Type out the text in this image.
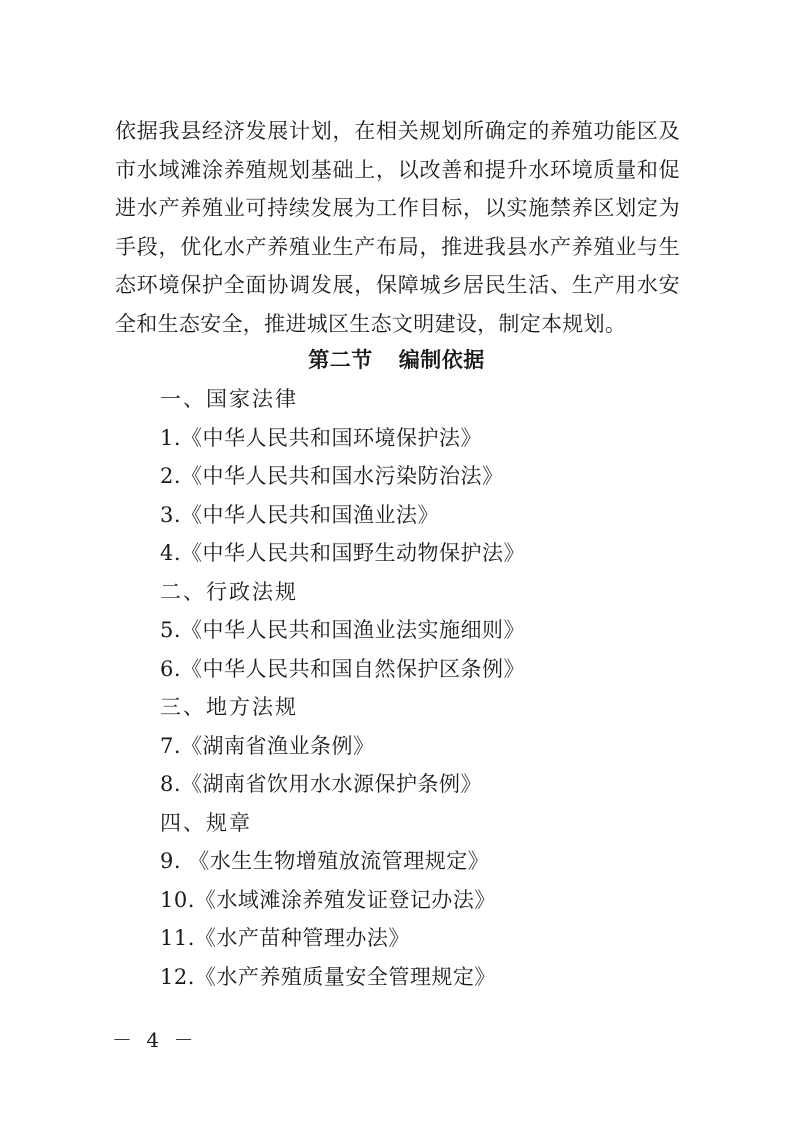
依据我县经济发展计划，在相关规划所确定的养殖功能区及市水域滩涂养殖规划基础上，以改善和提升水环境质量和促进水产养殖业可持续发展为工作目标，以实施禁养区划定为手段，优化水产养殖业生产布局，推进我县水产养殖业与生态环境保护全面协调发展，保障城乡居民生活、生产用水安全和生态安全，推进城区生态文明建设，制定本规划。

第二节 编制依据
一、国家法律
1.《中华人民共和国环境保护法》
2.《中华人民共和国水污染防治法》
3.《中华人民共和国渔业法》
4.《中华人民共和国野生动物保护法》
二、行政法规
5.《中华人民共和国渔业法实施细则》
6.《中华人民共和国自然保护区条例》
三、地方法规
7.《湖南省渔业条例》
8.《湖南省饮用水水源保护条例》
四、规章
9. 《水生生物增殖放流管理规定》
10.《水域滩涂养殖发证登记办法》
11.《水产苗种管理办法》
12.《水产养殖质量安全管理规定》
－ 4 －
